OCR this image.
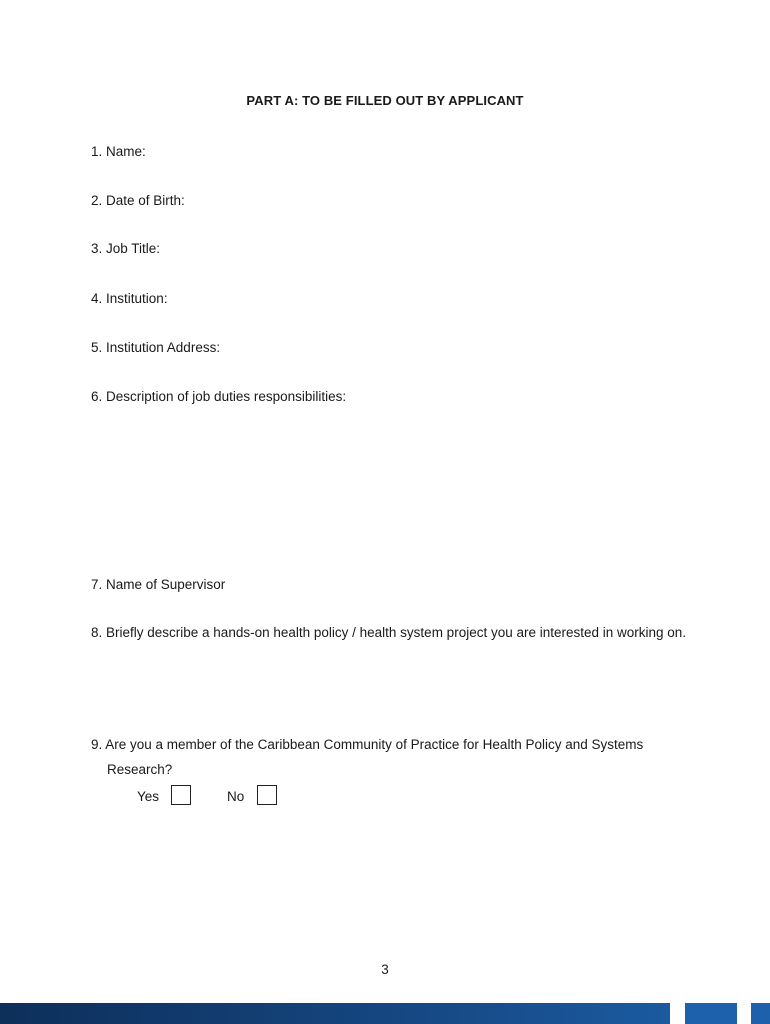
PART A: TO BE FILLED OUT BY APPLICANT
1. Name:
2. Date of Birth:
3. Job Title:
4. Institution:
5. Institution Address:
6. Description of job duties responsibilities:
7. Name of Supervisor
8. Briefly describe a hands-on health policy / health system project you are interested in working on.
9. Are you a member of the Caribbean Community of Practice for Health Policy and Systems
Research?
Yes	No
3
